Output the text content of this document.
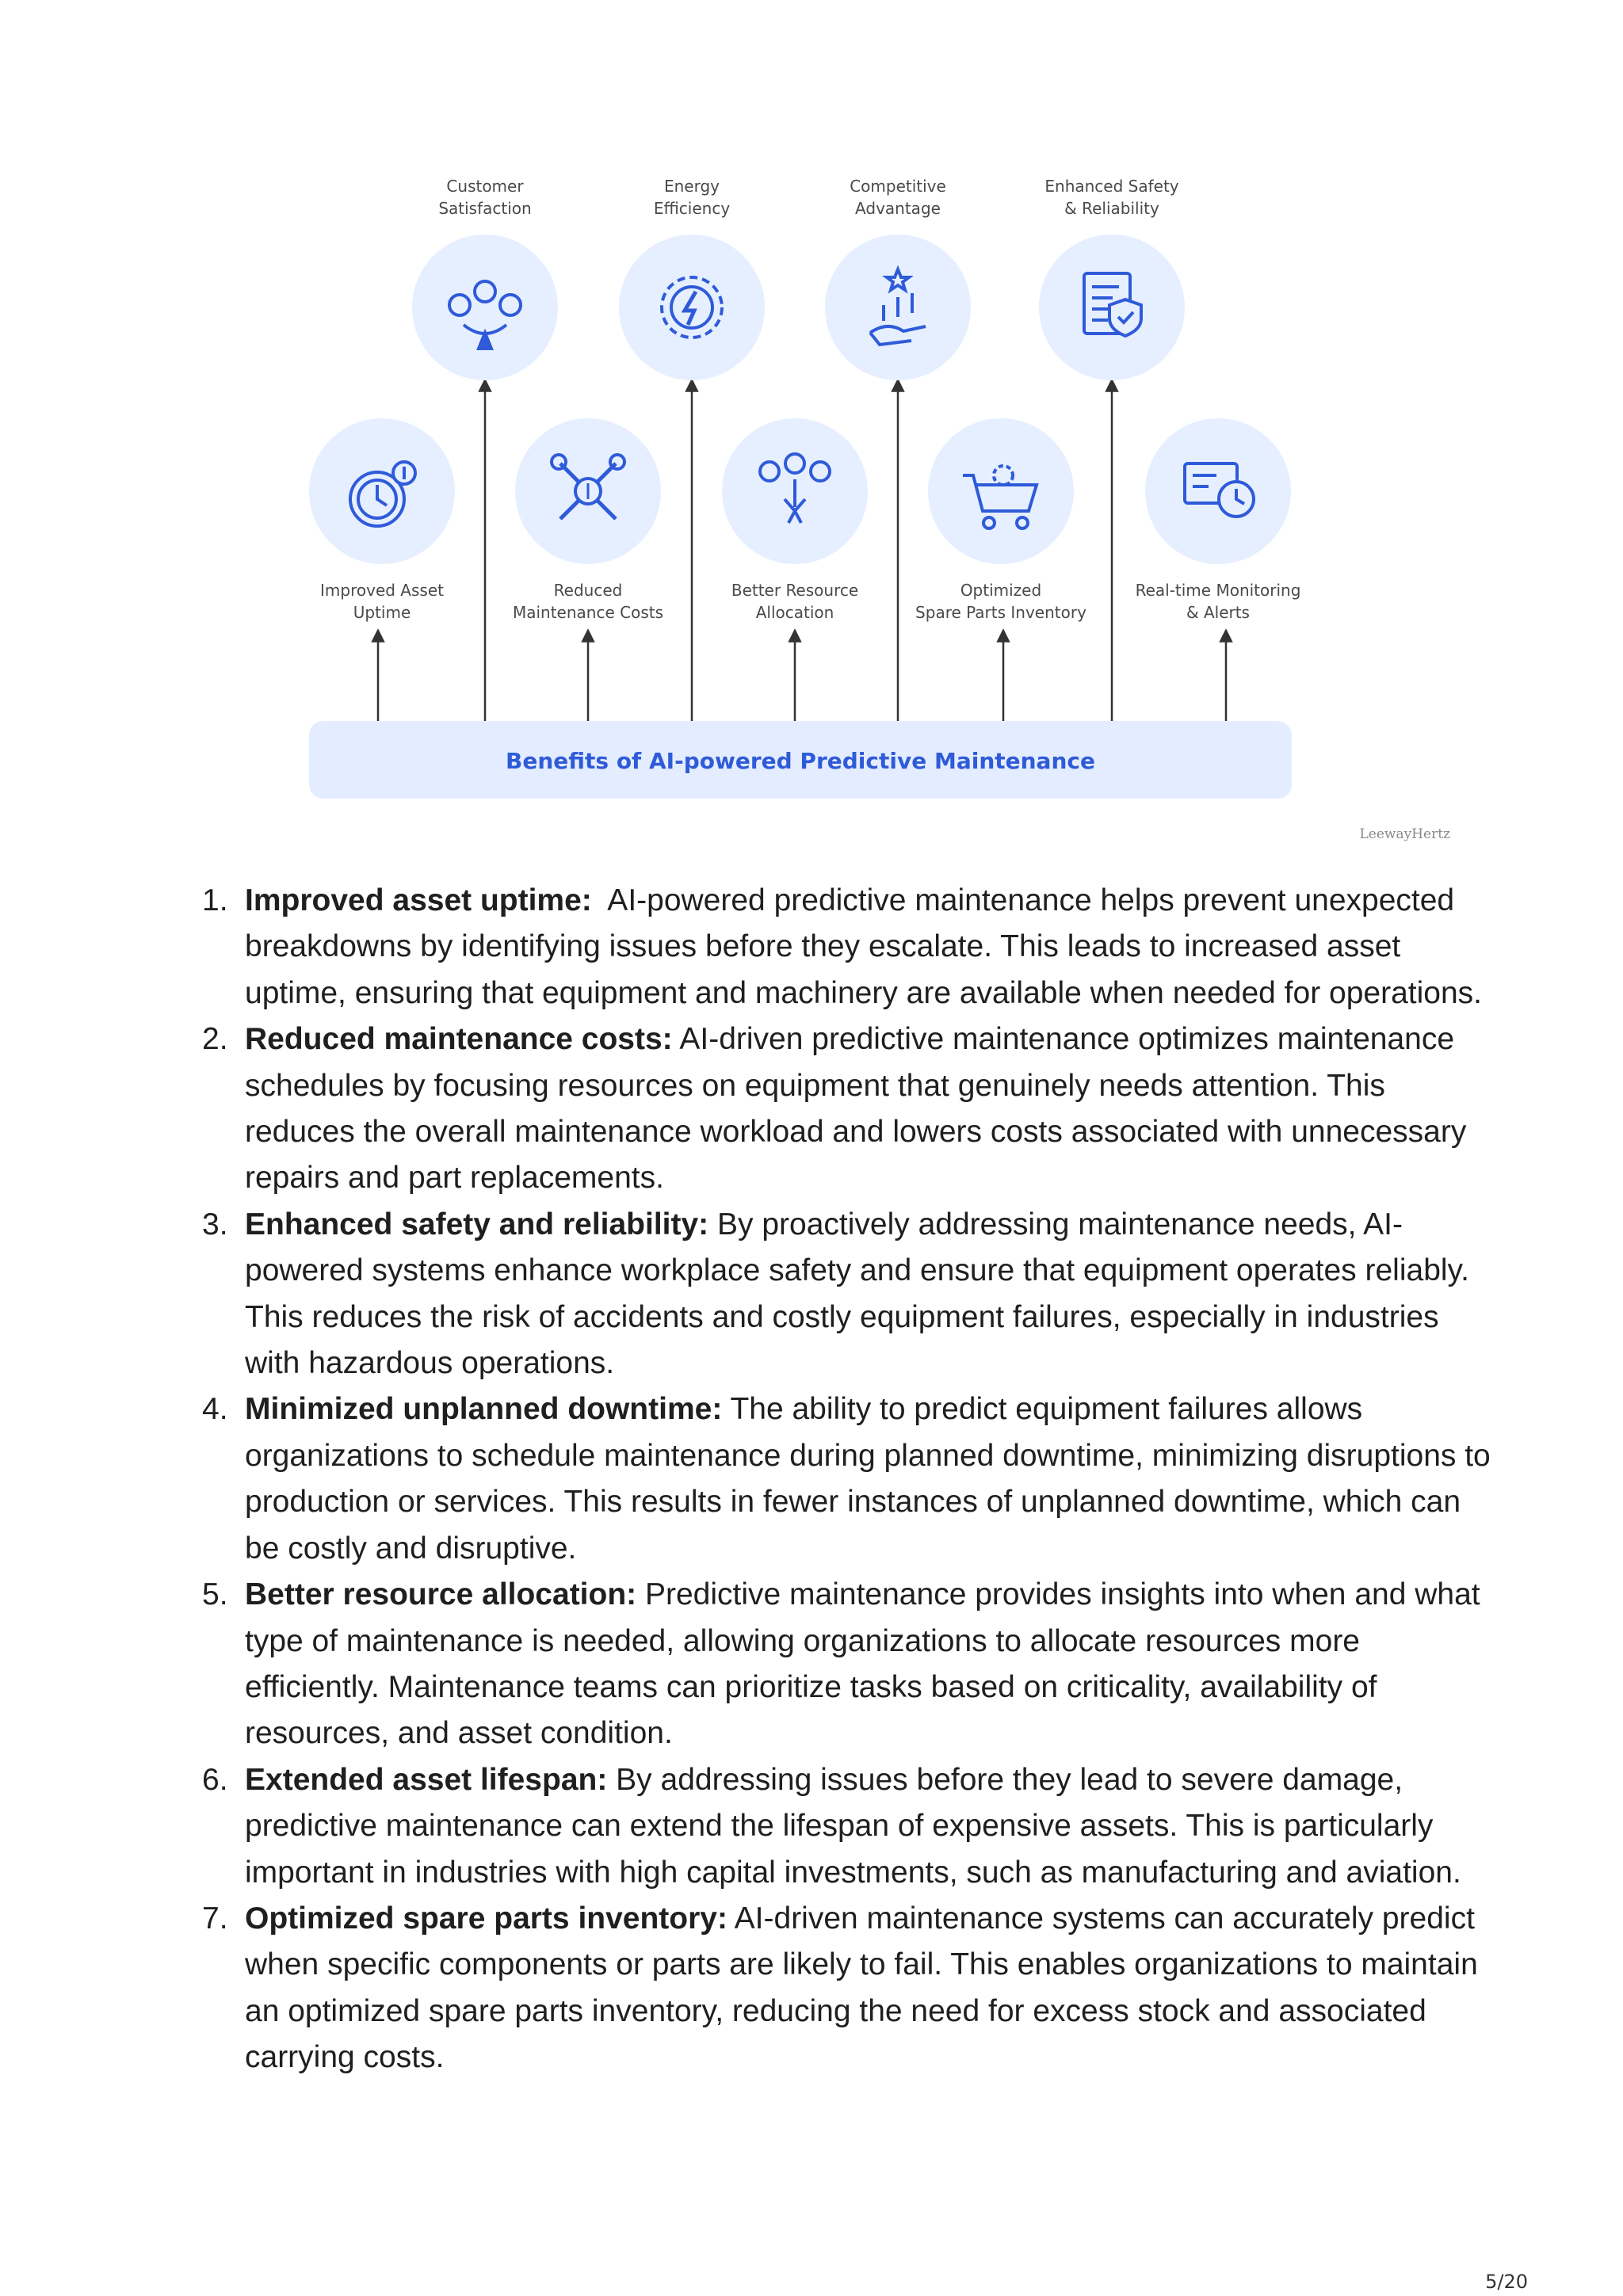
Benefits of AI-powered Predictive Maintenance
Customer
Satisfaction
Energy
Efficiency
Competitive
Advantage
Enhanced Safety
& Reliability
Improved Asset
Uptime
Reduced
Maintenance Costs
Better Resource
Allocation
Optimized
Spare Parts Inventory
Real-time Monitoring
& Alerts
LeewayHertz
1. Improved asset uptime:  AI-powered predictive maintenance helps prevent unexpected breakdowns by identifying issues before they escalate. This leads to increased asset uptime, ensuring that equipment and machinery are available when needed for operations.
2. Reduced maintenance costs: AI-driven predictive maintenance optimizes maintenance schedules by focusing resources on equipment that genuinely needs attention. This reduces the overall maintenance workload and lowers costs associated with unnecessary repairs and part replacements.
3. Enhanced safety and reliability: By proactively addressing maintenance needs, AI-powered systems enhance workplace safety and ensure that equipment operates reliably. This reduces the risk of accidents and costly equipment failures, especially in industries with hazardous operations.
4. Minimized unplanned downtime: The ability to predict equipment failures allows organizations to schedule maintenance during planned downtime, minimizing disruptions to production or services. This results in fewer instances of unplanned downtime, which can be costly and disruptive.
5. Better resource allocation: Predictive maintenance provides insights into when and what type of maintenance is needed, allowing organizations to allocate resources more efficiently. Maintenance teams can prioritize tasks based on criticality, availability of resources, and asset condition.
6. Extended asset lifespan: By addressing issues before they lead to severe damage, predictive maintenance can extend the lifespan of expensive assets. This is particularly important in industries with high capital investments, such as manufacturing and aviation.
7. Optimized spare parts inventory: AI-driven maintenance systems can accurately predict when specific components or parts are likely to fail. This enables organizations to maintain an optimized spare parts inventory, reducing the need for excess stock and associated carrying costs.
5/20
